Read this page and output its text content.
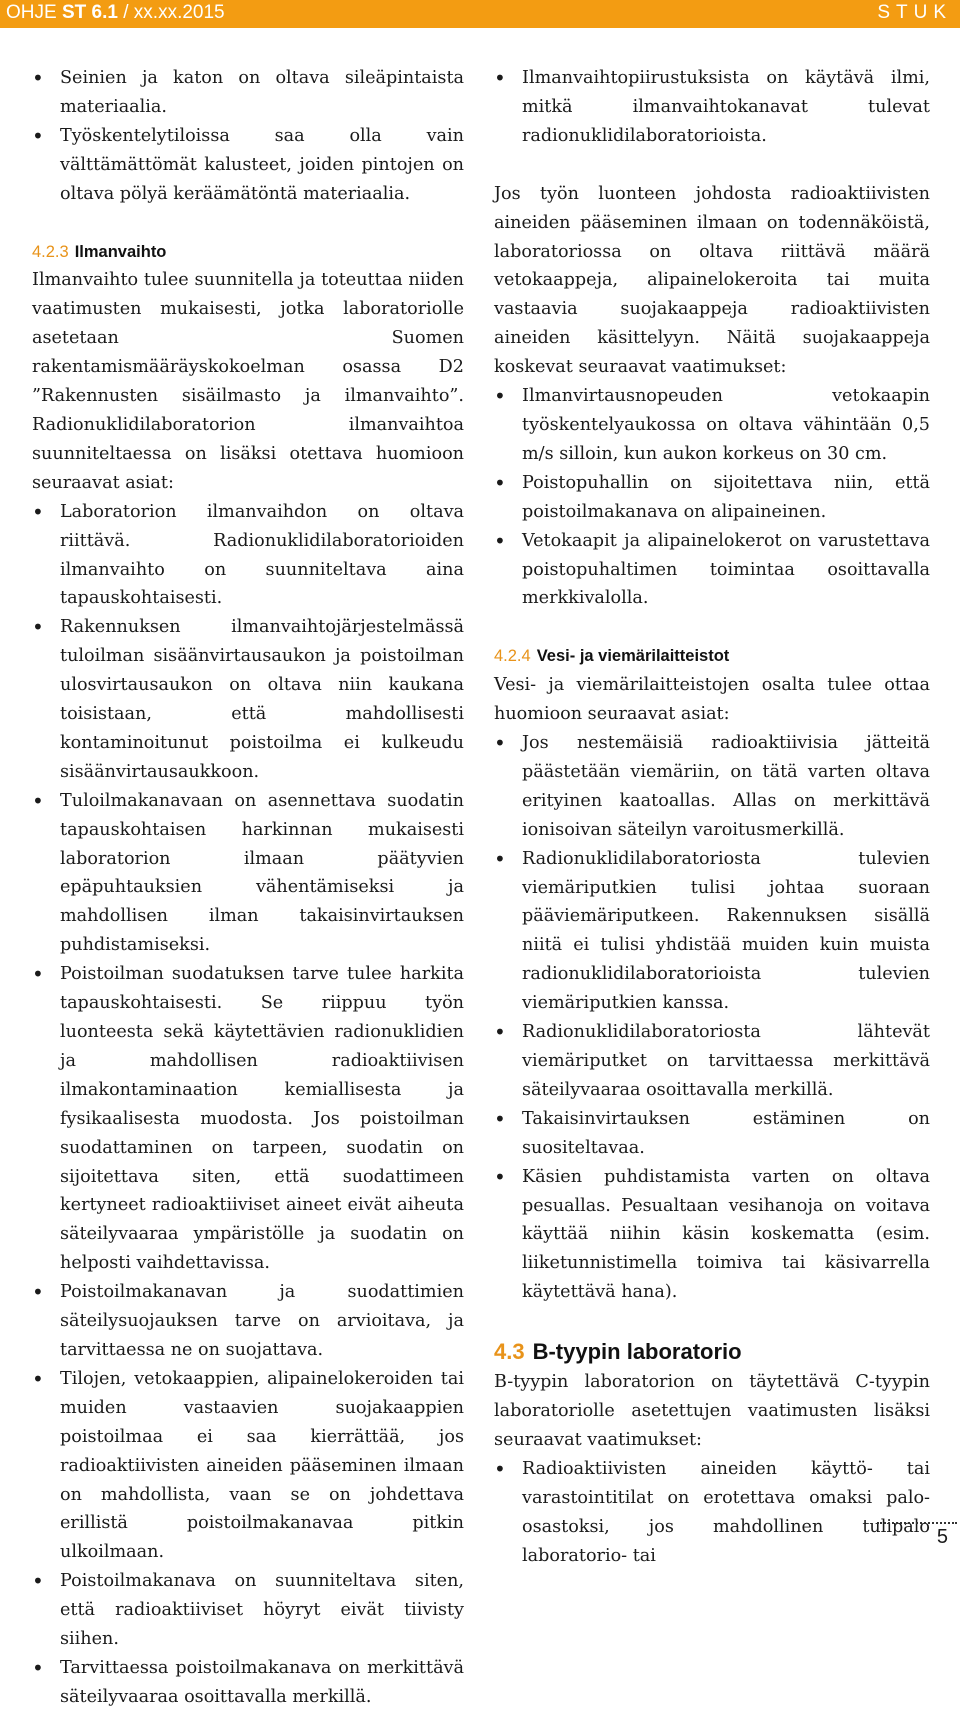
OHJE ST 6.1 / xx.xx.2015	STUK
• Seinien ja katon on oltava sileäpintaista materiaalia.
• Työskentelytiloissa saa olla vain välttämättömät kalusteet, joiden pintojen on oltava pölyä keräämätöntä materiaalia.
4.2.3 Ilmanvaihto

Ilmanvaihto tulee suunnitella ja toteuttaa niiden vaatimusten mukaisesti, jotka laboratoriolle asetetaan Suomen rakentamismääräyskokoelman osassa D2 ”Rakennusten sisäilmasto ja ilmanvaihto”. Radionuklidilaboratorion ilmanvaihtoa suunniteltaessa on lisäksi otettava huomioon seuraavat asiat:

• Laboratorion ilmanvaihdon on oltava riittävä. Radionuklidilaboratorioiden ilmanvaihto on suunniteltava aina tapauskohtaisesti.
• Rakennuksen ilmanvaihtojärjestelmässä tuloilman sisäänvirtausaukon ja poistoilman ulosvirtausaukon on oltava niin kaukana toisistaan, että mahdollisesti kontaminoitunut poistoilma ei kulkeudu sisäänvirtausaukkoon.
• Tuloilmakanavaan on asennettava suodatin tapauskohtaisen harkinnan mukaisesti laboratorion ilmaan päätyvien epäpuhtauksien vähentämiseksi ja mahdollisen ilman takaisinvirtauksen puhdistamiseksi.
• Poistoilman suodatuksen tarve tulee harkita tapauskohtaisesti. Se riippuu työn luonteesta sekä käytettävien radionuklidien ja mahdollisen radioaktiivisen ilmakontaminaation kemiallisesta ja fysikaalisesta muodosta. Jos poistoilman suodattaminen on tarpeen, suodatin on sijoitettava siten, että suodattimeen kertyneet radioaktiiviset aineet eivät aiheuta säteilyvaaraa ympäristölle ja suodatin on helposti vaihdettavissa.
• Poistoilmakanavan ja suodattimien säteilysuojauksen tarve on arvioitava, ja tarvittaessa ne on suojattava.
• Tilojen, vetokaappien, alipainelokeroiden tai muiden vastaavien suojakaappien poistoilmaa ei saa kierrättää, jos radioaktiivisten aineiden pääseminen ilmaan on mahdollista, vaan se on johdettava erillistä poistoilmakanavaa pitkin ulkoilmaan.
• Poistoilmakanava on suunniteltava siten, että radioaktiiviset höyryt eivät tiivisty siihen.
• Tarvittaessa poistoilmakanava on merkittävä säteilyvaaraa osoittavalla merkillä.
• Ilmanvaihtopiirustuksista on käytävä ilmi, mitkä ilmanvaihtokanavat tulevat radionuklidilaboratorioista.

Jos työn luonteen johdosta radioaktiivisten aineiden pääseminen ilmaan on todennäköistä, laboratoriossa on oltava riittävä määrä vetokaappeja, alipainelokeroita tai muita vastaavia suojakaappeja radioaktiivisten aineiden käsittelyyn. Näitä suojakaappeja koskevat seuraavat vaatimukset:

• Ilmanvirtausnopeuden vetokaapin työskentelyaukossa on oltava vähintään 0,5 m/s silloin, kun aukon korkeus on 30 cm.
• Poistopuhallin on sijoitettava niin, että poistoilmakanava on alipaineinen.
• Vetokaapit ja alipainelokerot on varustettava poistopuhaltimen toimintaa osoittavalla merkkivalolla.
4.2.4 Vesi- ja viemärilaitteistot

Vesi- ja viemärilaitteistojen osalta tulee ottaa huomioon seuraavat asiat:

• Jos nestemäisiä radioaktiivisia jätteitä päästetään viemäriin, on tätä varten oltava erityinen kaatoallas. Allas on merkittävä ionisoivan säteilyn varoitusmerkillä.
• Radionuklidilaboratoriosta tulevien viemäriputkien tulisi johtaa suoraan pääviemäriputkeen. Rakennuksen sisällä niitä ei tulisi yhdistää muiden kuin muista radionuklidilaboratorioista tulevien viemäriputkien kanssa.
• Radionuklidilaboratoriosta lähtevät viemäriputket on tarvittaessa merkittävä säteilyvaaraa osoittavalla merkillä.
• Takaisinvirtauksen estäminen on suositeltavaa.
• Käsien puhdistamista varten on oltava pesuallas. Pesualtaan vesihanoja on voitava käyttää niihin käsin koskematta (esim. liiketunnistimella toimiva tai käsivarrella käytettävä hana).
4.3 B-tyypin laboratorio

B-tyypin laboratorion on täytettävä C-tyypin laboratoriolle asetettujen vaatimusten lisäksi seuraavat vaatimukset:

• Radioaktiivisten aineiden käyttö- tai varastointitilat on erotettava omaksi palo-osastoksi, jos mahdollinen tulipalo laboratorio- tai
5
